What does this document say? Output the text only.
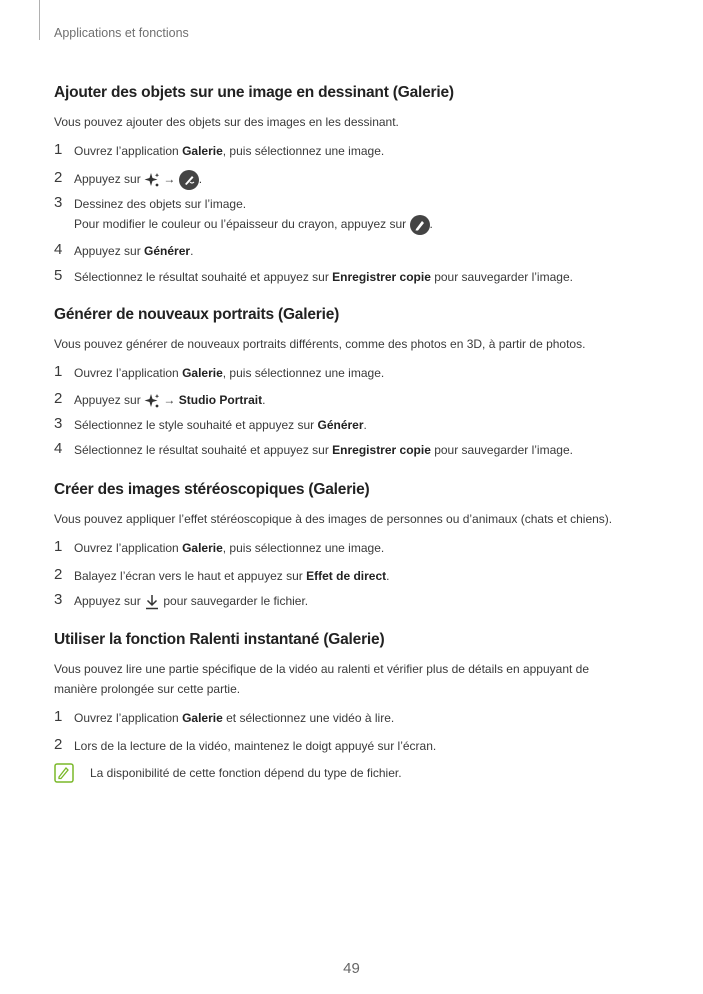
Applications et fonctions
Ajouter des objets sur une image en dessinant (Galerie)
Vous pouvez ajouter des objets sur des images en les dessinant.
1 Ouvrez l’application Galerie, puis sélectionnez une image.
2 Appuyez sur  → .
3 Dessinez des objets sur l’image.
Pour modifier le couleur ou l’épaisseur du crayon, appuyez sur .
4 Appuyez sur Générer.
5 Sélectionnez le résultat souhaité et appuyez sur Enregistrer copie pour sauvegarder l’image.
Générer de nouveaux portraits (Galerie)
Vous pouvez générer de nouveaux portraits différents, comme des photos en 3D, à partir de photos.
1 Ouvrez l’application Galerie, puis sélectionnez une image.
2 Appuyez sur  → Studio Portrait.
3 Sélectionnez le style souhaité et appuyez sur Générer.
4 Sélectionnez le résultat souhaité et appuyez sur Enregistrer copie pour sauvegarder l’image.
Créer des images stéréoscopiques (Galerie)
Vous pouvez appliquer l’effet stéréoscopique à des images de personnes ou d’animaux (chats et chiens).
1 Ouvrez l’application Galerie, puis sélectionnez une image.
2 Balayez l’écran vers le haut et appuyez sur Effet de direct.
3 Appuyez sur  pour sauvegarder le fichier.
Utiliser la fonction Ralenti instantané (Galerie)
Vous pouvez lire une partie spécifique de la vidéo au ralenti et vérifier plus de détails en appuyant de
manière prolongée sur cette partie.
1 Ouvrez l’application Galerie et sélectionnez une vidéo à lire.
2 Lors de la lecture de la vidéo, maintenez le doigt appuyé sur l’écran.
La disponibilité de cette fonction dépend du type de fichier.
49
